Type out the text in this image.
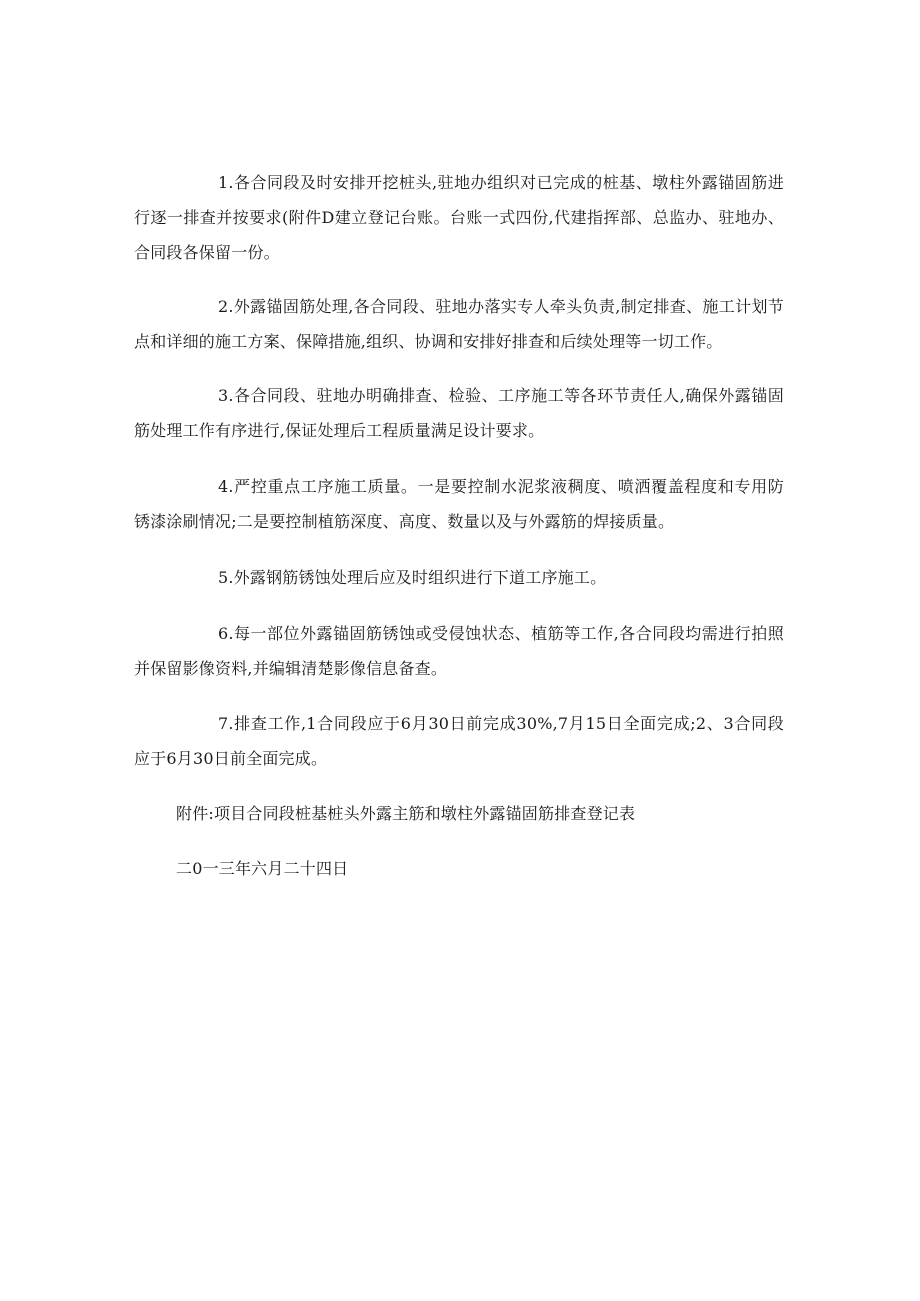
1.各合同段及时安排开挖桩头,驻地办组织对已完成的桩基、墩柱外露锚固筋进行逐一排查并按要求(附件D建立登记台账。台账一式四份,代建指挥部、总监办、驻地办、合同段各保留一份。

2.外露锚固筋处理,各合同段、驻地办落实专人牵头负责,制定排查、施工计划节点和详细的施工方案、保障措施,组织、协调和安排好排查和后续处理等一切工作。

3.各合同段、驻地办明确排查、检验、工序施工等各环节责任人,确保外露锚固筋处理工作有序进行,保证处理后工程质量满足设计要求。

4.严控重点工序施工质量。一是要控制水泥浆液稠度、喷洒覆盖程度和专用防锈漆涂刷情况;二是要控制植筋深度、高度、数量以及与外露筋的焊接质量。

5.外露钢筋锈蚀处理后应及时组织进行下道工序施工。

6.每一部位外露锚固筋锈蚀或受侵蚀状态、植筋等工作,各合同段均需进行拍照并保留影像资料,并编辑清楚影像信息备查。

7.排查工作,1合同段应于6月30日前完成30%,7月15日全面完成;2、3合同段应于6月30日前全面完成。

附件:项目合同段桩基桩头外露主筋和墩柱外露锚固筋排查登记表

二0一三年六月二十四日
